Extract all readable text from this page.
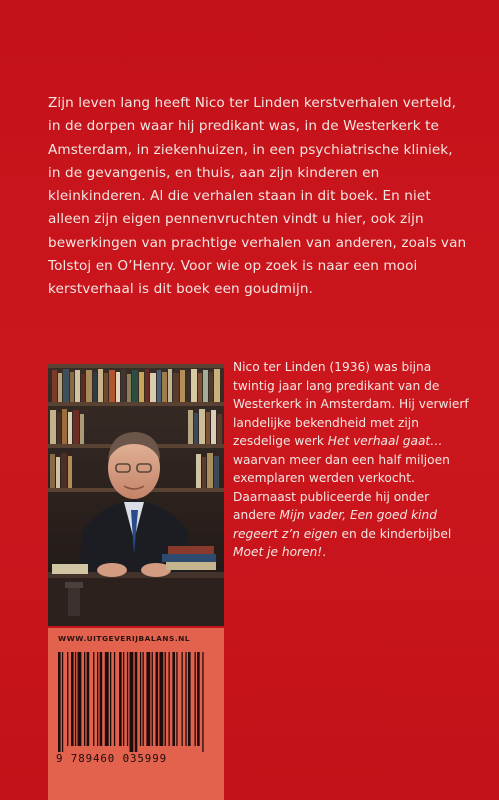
Zijn leven lang heeft Nico ter Linden kerstverhalen verteld, in de dorpen waar hij predikant was, in de Westerkerk te Amsterdam, in ziekenhuizen, in een psychiatrische kliniek, in de gevangenis, en thuis, aan zijn kinderen en kleinkinderen. Al die verhalen staan in dit boek. En niet alleen zijn eigen pennenvruchten vindt u hier, ook zijn bewerkingen van prachtige verhalen van anderen, zoals van Tolstoj en O’Henry. Voor wie op zoek is naar een mooi kerstverhaal is dit boek een goudmijn.

Nico ter Linden (1936) was bijna twintig jaar lang predikant van de Westerkerk in Amsterdam. Hij verwierf landelijke bekendheid met zijn zesdelige werk Het verhaal gaat… waarvan meer dan een half miljoen exemplaren werden verkocht. Daarnaast publiceerde hij onder andere Mijn vader, Een goed kind regeert z’n eigen en de kinderbijbel Moet je horen!.

WWW.UITGEVERIJBALANS.NL
9 789460 035999
